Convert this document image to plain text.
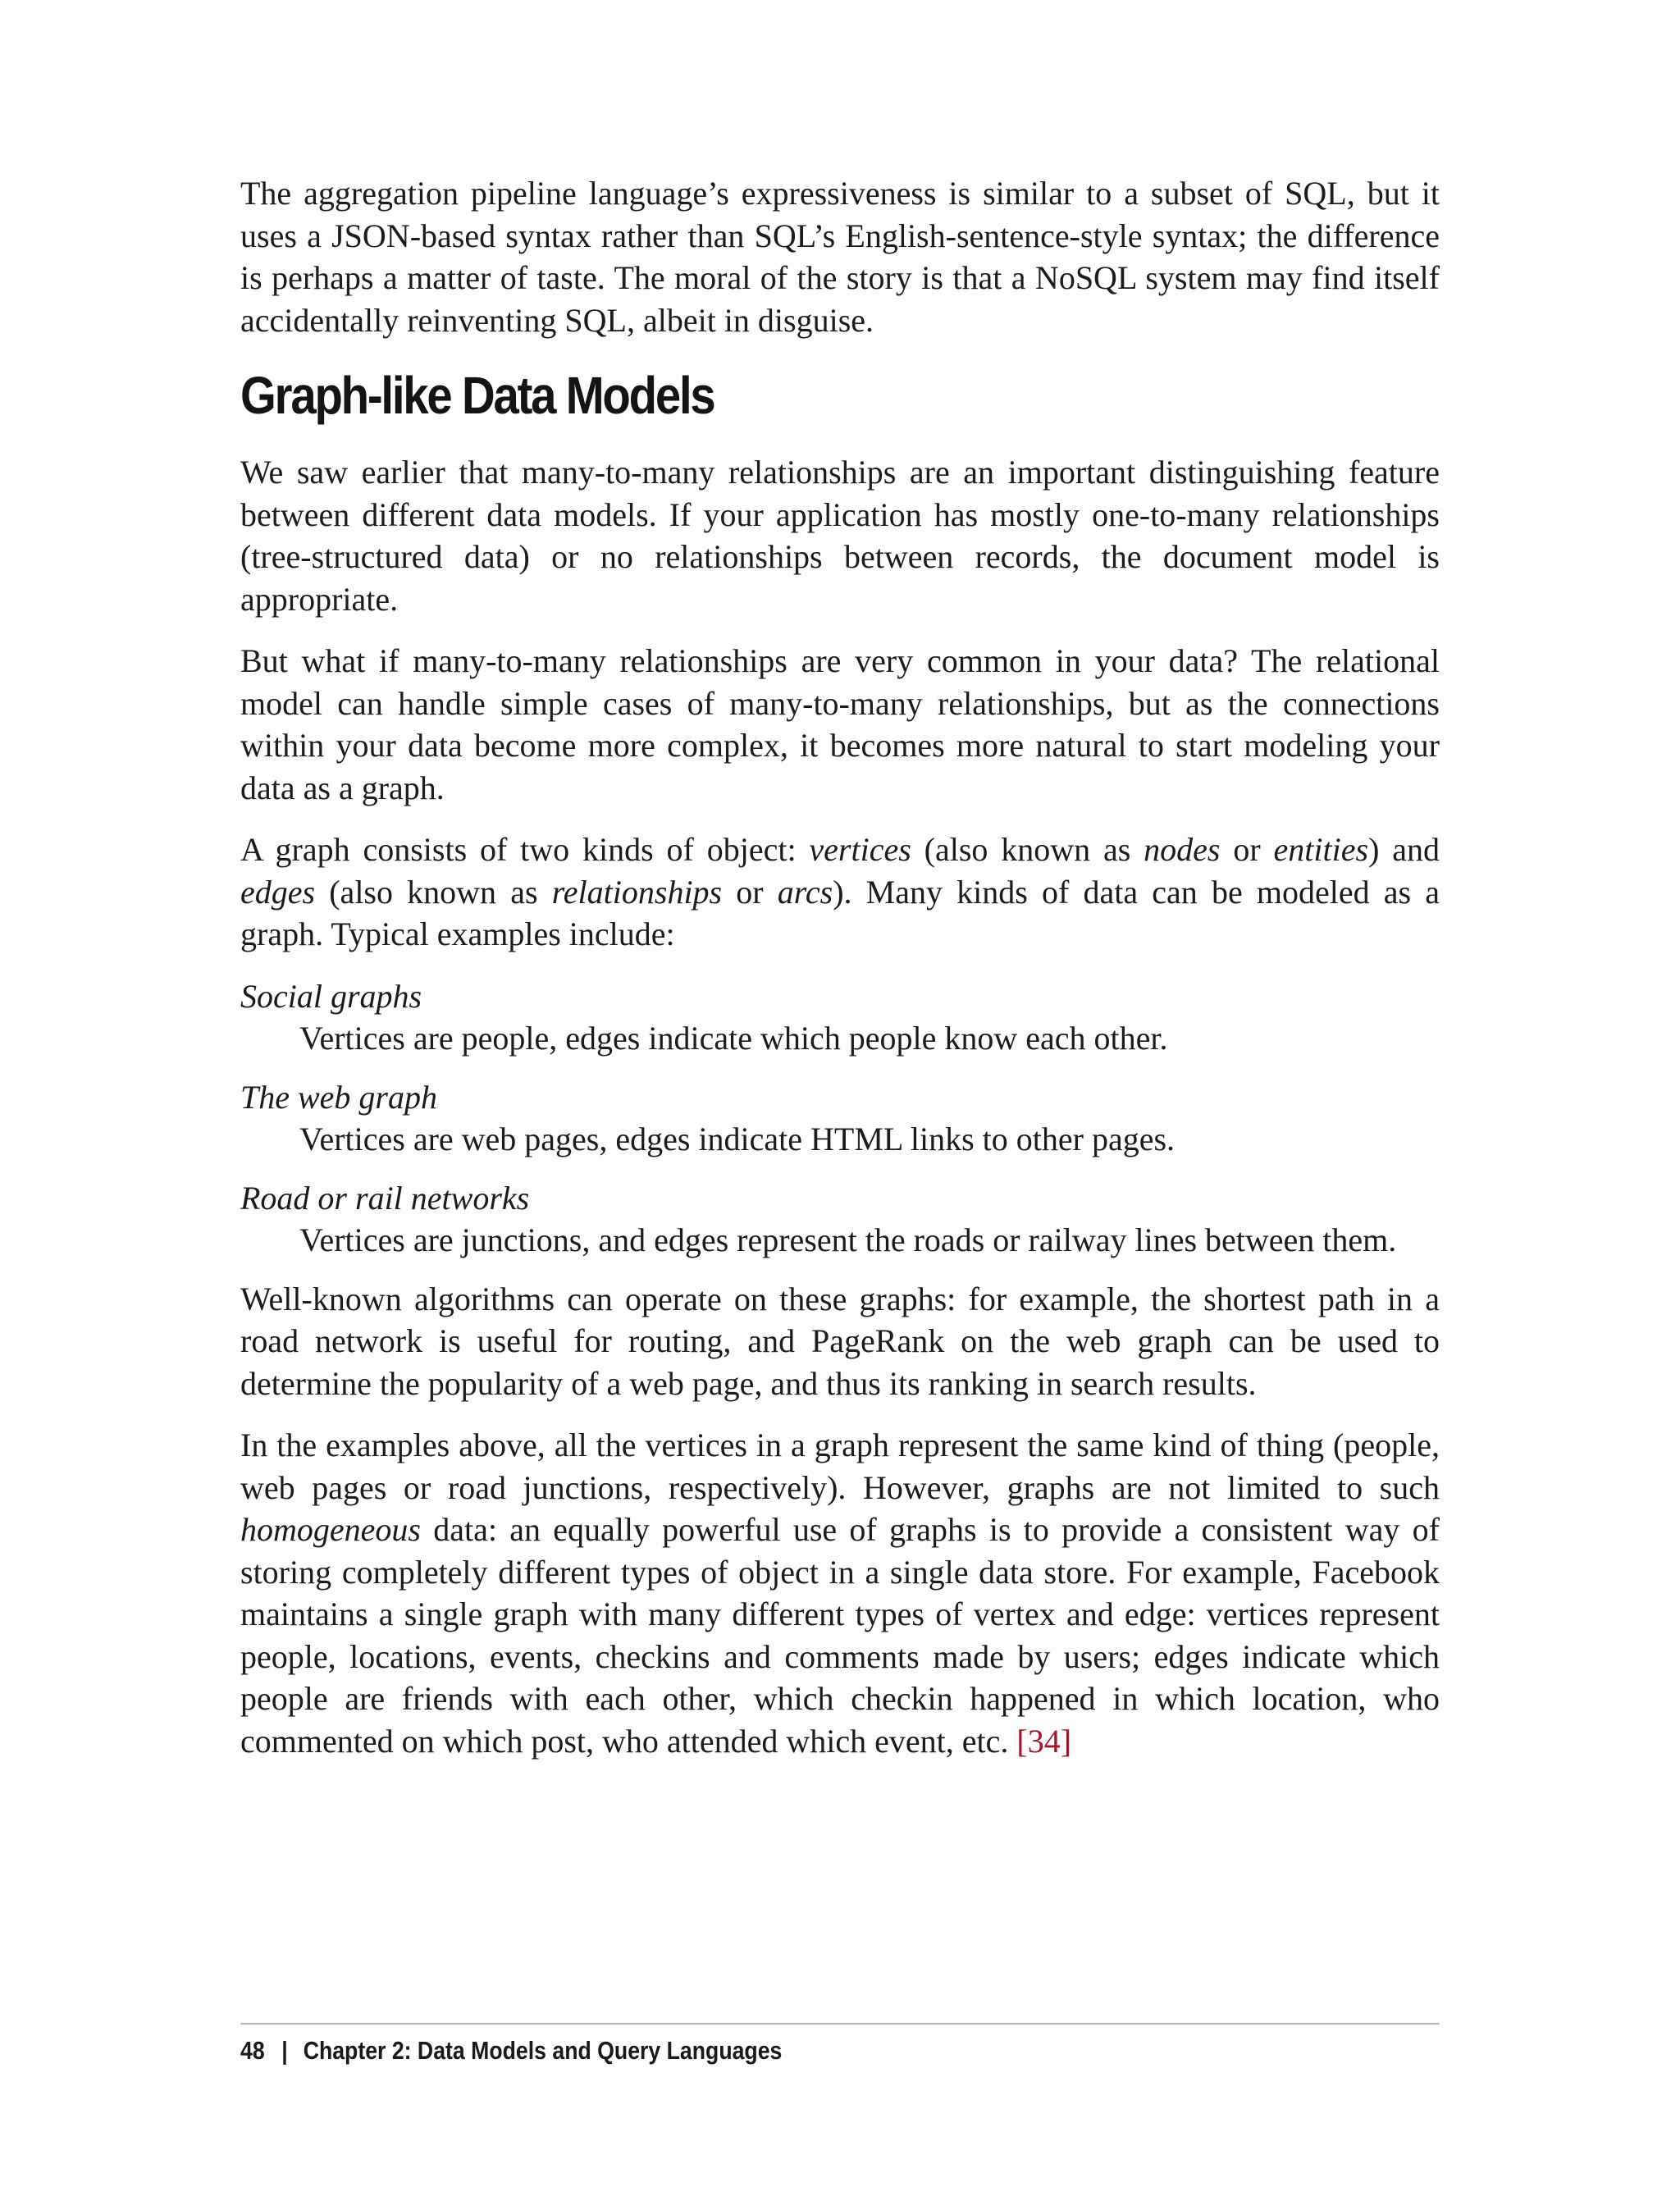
The aggregation pipeline language’s expressiveness is similar to a subset of SQL, but it uses a JSON-based syntax rather than SQL’s English-sentence-style syntax; the difference is perhaps a matter of taste. The moral of the story is that a NoSQL system may find itself accidentally reinventing SQL, albeit in disguise.

Graph-like Data Models

We saw earlier that many-to-many relationships are an important distinguishing feature between different data models. If your application has mostly one-to-many relationships (tree-structured data) or no relationships between records, the document model is appropriate.

But what if many-to-many relationships are very common in your data? The relational model can handle simple cases of many-to-many relationships, but as the connections within your data become more complex, it becomes more natural to start modeling your data as a graph.

A graph consists of two kinds of object: vertices (also known as nodes or entities) and edges (also known as relationships or arcs). Many kinds of data can be modeled as a graph. Typical examples include:

Social graphs
Vertices are people, edges indicate which people know each other.
The web graph
Vertices are web pages, edges indicate HTML links to other pages.
Road or rail networks
Vertices are junctions, and edges represent the roads or railway lines between them.

Well-known algorithms can operate on these graphs: for example, the shortest path in a road network is useful for routing, and PageRank on the web graph can be used to determine the popularity of a web page, and thus its ranking in search results.

In the examples above, all the vertices in a graph represent the same kind of thing (people, web pages or road junctions, respectively). However, graphs are not limited to such homogeneous data: an equally powerful use of graphs is to provide a consistent way of storing completely different types of object in a single data store. For example, Facebook maintains a single graph with many different types of vertex and edge: vertices represent people, locations, events, checkins and comments made by users; edges indicate which people are friends with each other, which checkin happened in which location, who commented on which post, who attended which event, etc. [34]

48 | Chapter 2: Data Models and Query Languages
